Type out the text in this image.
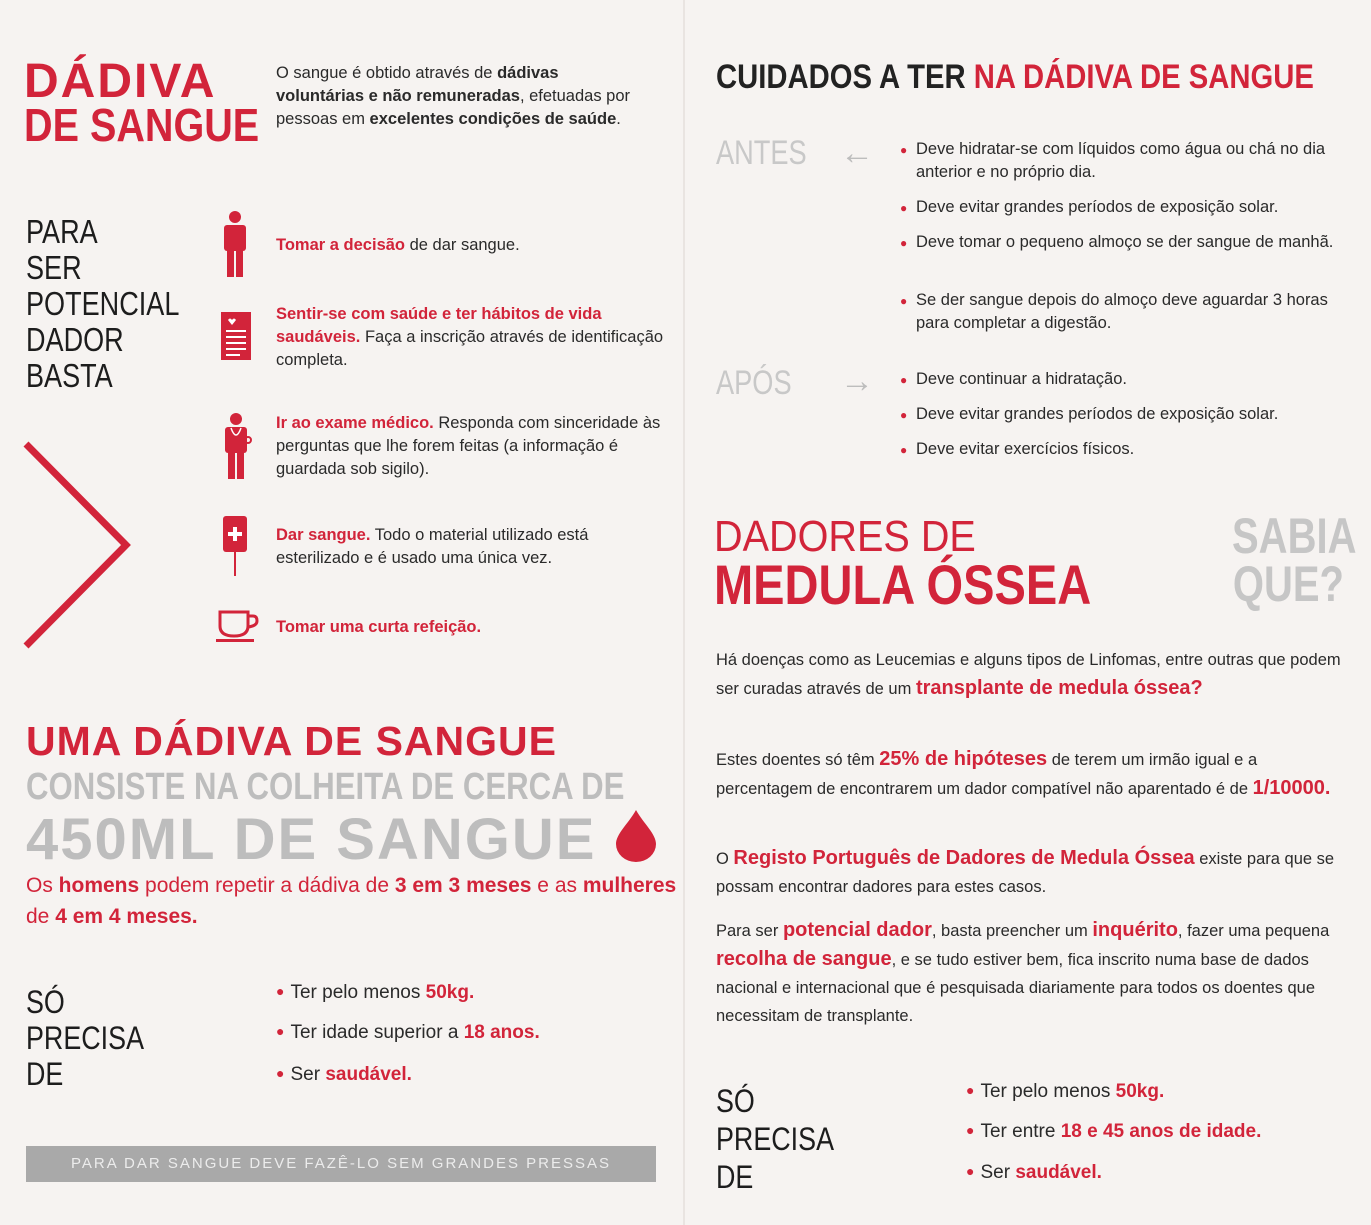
DÁDIVA
DE SANGUE
O sangue é obtido através de dádivas voluntárias e não remuneradas, efetuadas por pessoas em excelentes condições de saúde.
PARA
SER
POTENCIAL
DADOR
BASTA
Tomar a decisão de dar sangue.
Sentir-se com saúde e ter hábitos de vida saudáveis. Faça a inscrição através de identificação completa.
Ir ao exame médico. Responda com sinceridade às perguntas que lhe forem feitas (a informação é guardada sob sigilo).
Dar sangue. Todo o material utilizado está esterilizado e é usado uma única vez.
Tomar uma curta refeição.
UMA DÁDIVA DE SANGUE
CONSISTE NA COLHEITA DE CERCA DE
450ML DE SANGUE
Os homens podem repetir a dádiva de 3 em 3 meses e as mulheres de 4 em 4 meses.
SÓ
PRECISA
DE
● Ter pelo menos 50kg.
● Ter idade superior a 18 anos.
● Ser saudável.
PARA DAR SANGUE DEVE FAZÊ-LO SEM GRANDES PRESSAS
CUIDADOS A TER NA DÁDIVA DE SANGUE
ANTES ← ● Deve hidratar-se com líquidos como água ou chá no dia anterior e no próprio dia.
● Deve evitar grandes períodos de exposição solar.
● Deve tomar o pequeno almoço se der sangue de manhã.
● Se der sangue depois do almoço deve aguardar 3 horas para completar a digestão.
APÓS → ● Deve continuar a hidratação.
● Deve evitar grandes períodos de exposição solar.
● Deve evitar exercícios físicos.
DADORES DE
MEDULA ÓSSEA
SABIA
QUE?
Há doenças como as Leucemias e alguns tipos de Linfomas, entre outras que podem ser curadas através de um transplante de medula óssea?
Estes doentes só têm 25% de hipóteses de terem um irmão igual e a percentagem de encontrarem um dador compatível não aparentado é de 1/10000.
O Registo Português de Dadores de Medula Óssea existe para que se possam encontrar dadores para estes casos.
Para ser potencial dador, basta preencher um inquérito, fazer uma pequena recolha de sangue, e se tudo estiver bem, fica inscrito numa base de dados nacional e internacional que é pesquisada diariamente para todos os doentes que necessitam de transplante.
SÓ
PRECISA
DE
● Ter pelo menos 50kg.
● Ter entre 18 e 45 anos de idade.
● Ser saudável.
